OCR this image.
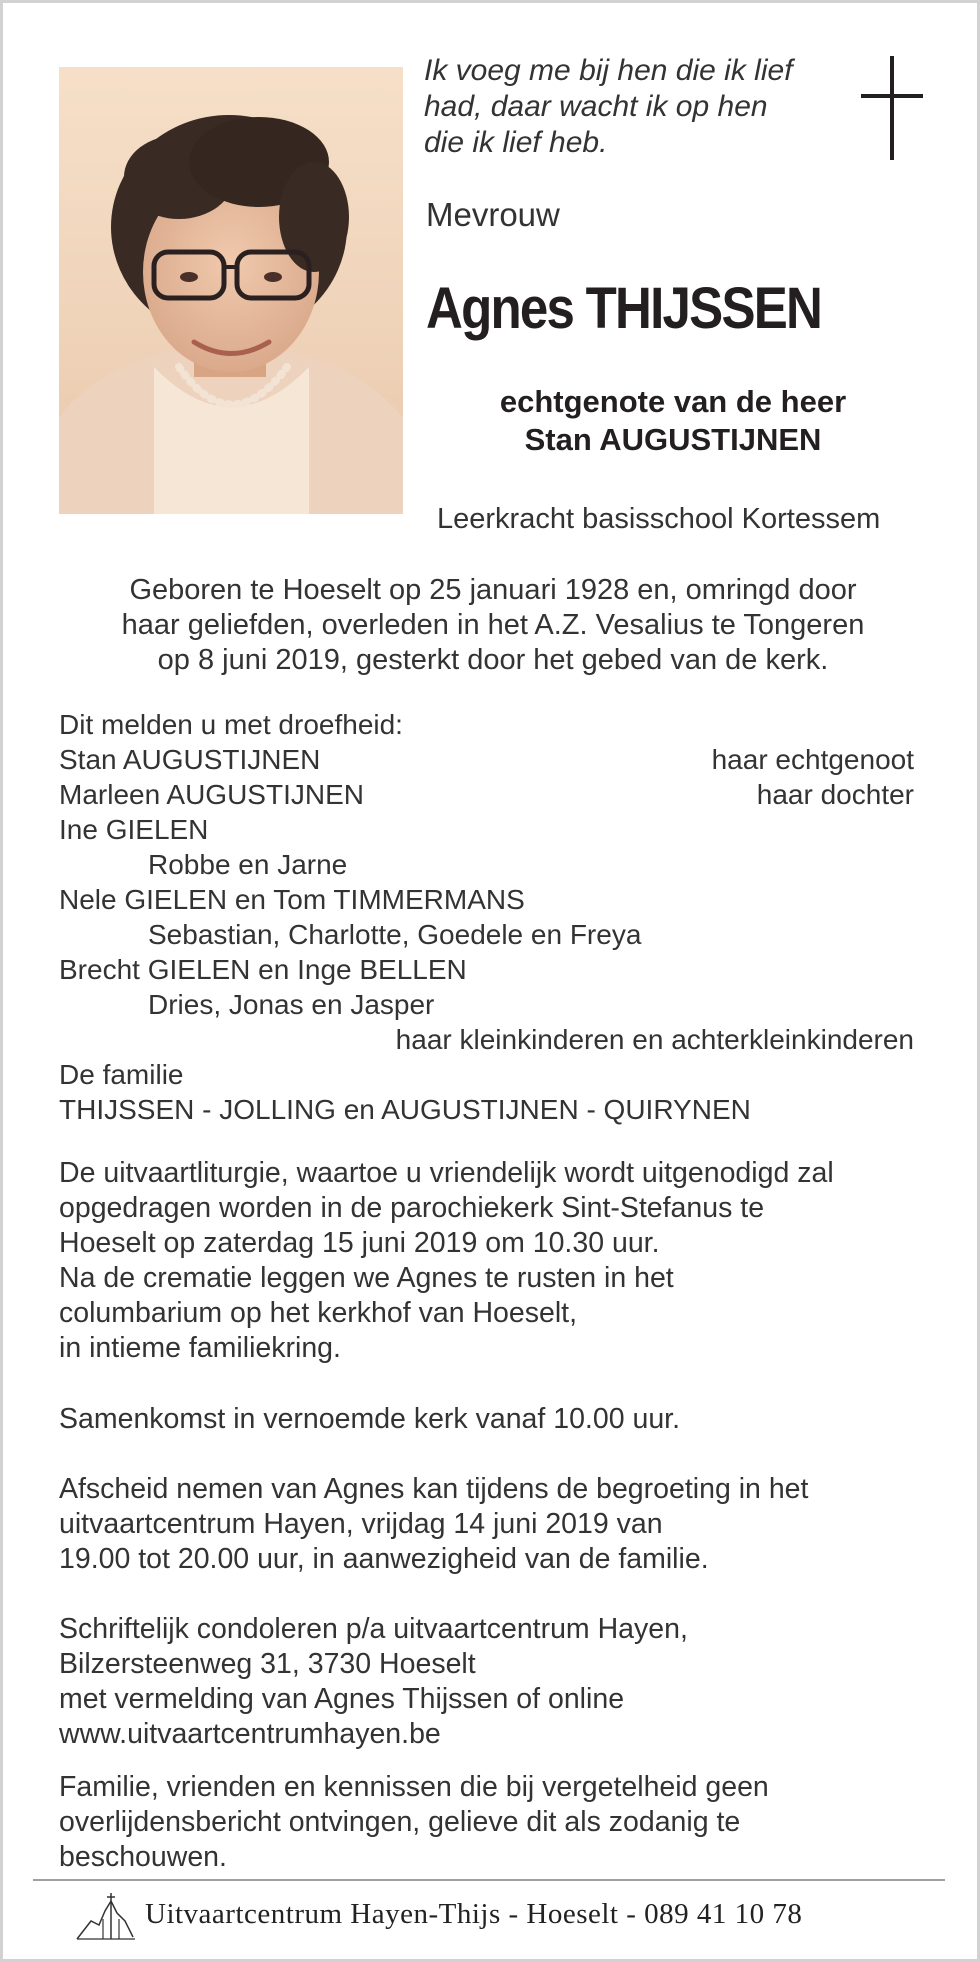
Ik voeg me bij hen die ik lief
had, daar wacht ik op hen
die ik lief heb.
Mevrouw
Agnes THIJSSEN
echtgenote van de heer
Stan AUGUSTIJNEN
Leerkracht basisschool Kortessem
Geboren te Hoeselt op 25 januari 1928 en, omringd door
haar geliefden, overleden in het A.Z. Vesalius te Tongeren
op 8 juni 2019, gesterkt door het gebed van de kerk.
Dit melden u met droefheid:
Stan AUGUSTIJNEN	haar echtgenoot
Marleen AUGUSTIJNEN	haar dochter
Ine GIELEN
Robbe en Jarne
Nele GIELEN en Tom TIMMERMANS
Sebastian, Charlotte, Goedele en Freya
Brecht GIELEN en Inge BELLEN
Dries, Jonas en Jasper
haar kleinkinderen en achterkleinkinderen
De familie
THIJSSEN - JOLLING en AUGUSTIJNEN - QUIRYNEN
De uitvaartliturgie, waartoe u vriendelijk wordt uitgenodigd zal
opgedragen worden in de parochiekerk Sint-Stefanus te
Hoeselt op zaterdag 15 juni 2019 om 10.30 uur.
Na de crematie leggen we Agnes te rusten in het
columbarium op het kerkhof van Hoeselt,
in intieme familiekring.
Samenkomst in vernoemde kerk vanaf 10.00 uur.
Afscheid nemen van Agnes kan tijdens de begroeting in het
uitvaartcentrum Hayen, vrijdag 14 juni 2019 van
19.00 tot 20.00 uur, in aanwezigheid van de familie.
Schriftelijk condoleren p/a uitvaartcentrum Hayen,
Bilzersteenweg 31, 3730 Hoeselt
met vermelding van Agnes Thijssen of online
www.uitvaartcentrumhayen.be
Familie, vrienden en kennissen die bij vergetelheid geen
overlijdensbericht ontvingen, gelieve dit als zodanig te
beschouwen.
Uitvaartcentrum Hayen-Thijs - Hoeselt - 089 41 10 78
